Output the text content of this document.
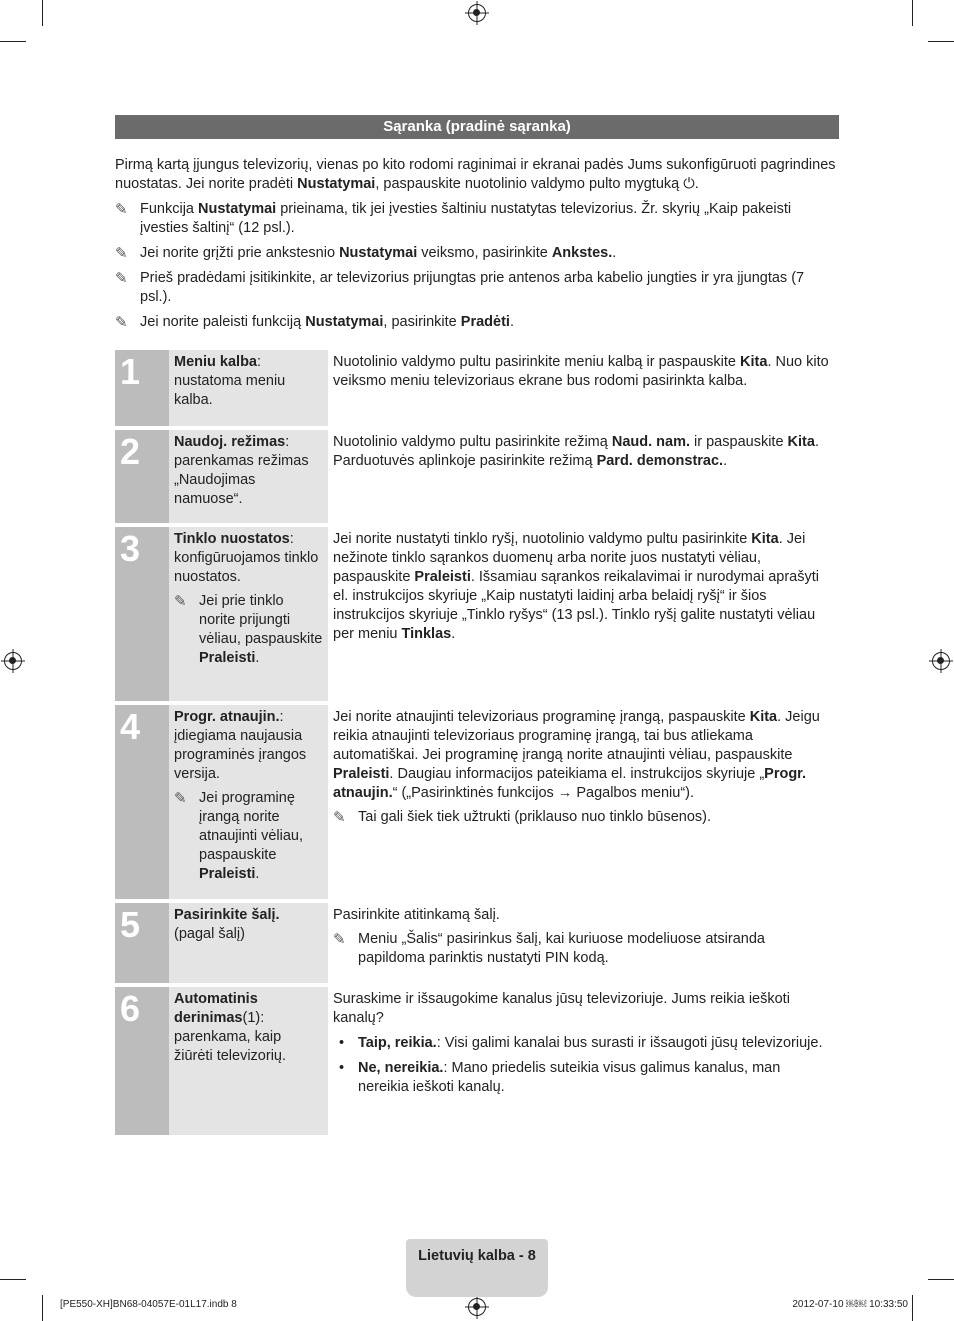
Sąranka (pradinė sąranka)

Pirmą kartą įjungus televizorių, vienas po kito rodomi raginimai ir ekranai padės Jums sukonfigūruoti pagrindines nuostatas. Jei norite pradėti Nustatymai, paspauskite nuotolinio valdymo pulto mygtuką ⏻.

✎ Funkcija Nustatymai prieinama, tik jei įvesties šaltiniu nustatytas televizorius. Žr. skyrių „Kaip pakeisti įvesties šaltinį“ (12 psl.).
✎ Jei norite grįžti prie ankstesnio Nustatymai veiksmo, pasirinkite Ankstes..
✎ Prieš pradėdami įsitikinkite, ar televizorius prijungtas prie antenos arba kabelio jungties ir yra įjungtas (7 psl.).
✎ Jei norite paleisti funkciją Nustatymai, pasirinkite Pradėti.
1	Meniu kalba: nustatoma meniu kalba.

Nuotolinio valdymo pultu pasirinkite meniu kalbą ir paspauskite Kita. Nuo kito veiksmo meniu televizoriaus ekrane bus rodomi pasirinkta kalba.

2	Naudoj. režimas: parenkamas režimas „Naudojimas namuose“.

Nuotolinio valdymo pultu pasirinkite režimą Naud. nam. ir paspauskite Kita. Parduotuvės aplinkoje pasirinkite režimą Pard. demonstrac..

3	Tinklo nuostatos: konfigūruojamos tinklo nuostatos.
✎ Jei prie tinklo norite prijungti vėliau, paspauskite Praleisti.

Jei norite nustatyti tinklo ryšį, nuotolinio valdymo pultu pasirinkite Kita. Jei nežinote tinklo sąrankos duomenų arba norite juos nustatyti vėliau, paspauskite Praleisti. Išsamiau sąrankos reikalavimai ir nurodymai aprašyti el. instrukcijos skyriuje „Kaip nustatyti laidinį arba belaidį ryšį“ ir šios instrukcijos skyriuje „Tinklo ryšys“ (13 psl.). Tinklo ryšį galite nustatyti vėliau per meniu Tinklas.

4	Progr. atnaujin.: įdiegiama naujausia programinės įrangos versija.
✎ Jei programinę įrangą norite atnaujinti vėliau, paspauskite Praleisti.

Jei norite atnaujinti televizoriaus programinę įrangą, paspauskite Kita. Jeigu reikia atnaujinti televizoriaus programinę įrangą, tai bus atliekama automatiškai. Jei programinę įrangą norite atnaujinti vėliau, paspauskite Praleisti. Daugiau informacijos pateikiama el. instrukcijos skyriuje „Progr. atnaujin.“ („Pasirinktinės funkcijos → Pagalbos meniu“).

✎ Tai gali šiek tiek užtrukti (priklauso nuo tinklo būsenos).
5	Pasirinkite šalį.
(pagal šalį)

Pasirinkite atitinkamą šalį.

✎ Meniu „Šalis“ pasirinkus šalį, kai kuriuose modeliuose atsiranda papildoma parinktis nustatyti PIN kodą.
6	Automatinis derinimas(1): parenkama, kaip žiūrėti televizorių.

Suraskime ir išsaugokime kanalus jūsų televizoriuje. Jums reikia ieškoti kanalų?

• Taip, reikia.: Visi galimi kanalai bus surasti ir išsaugoti jūsų televizoriuje.
• Ne, nereikia.: Mano priedelis suteikia visus galimus kanalus, man nereikia ieškoti kanalų.
Lietuvių kalba - 8
[PE550-XH]BN68-04057E-01L17.indb 8	2012-07-10 ￼￼ 10:33:50
